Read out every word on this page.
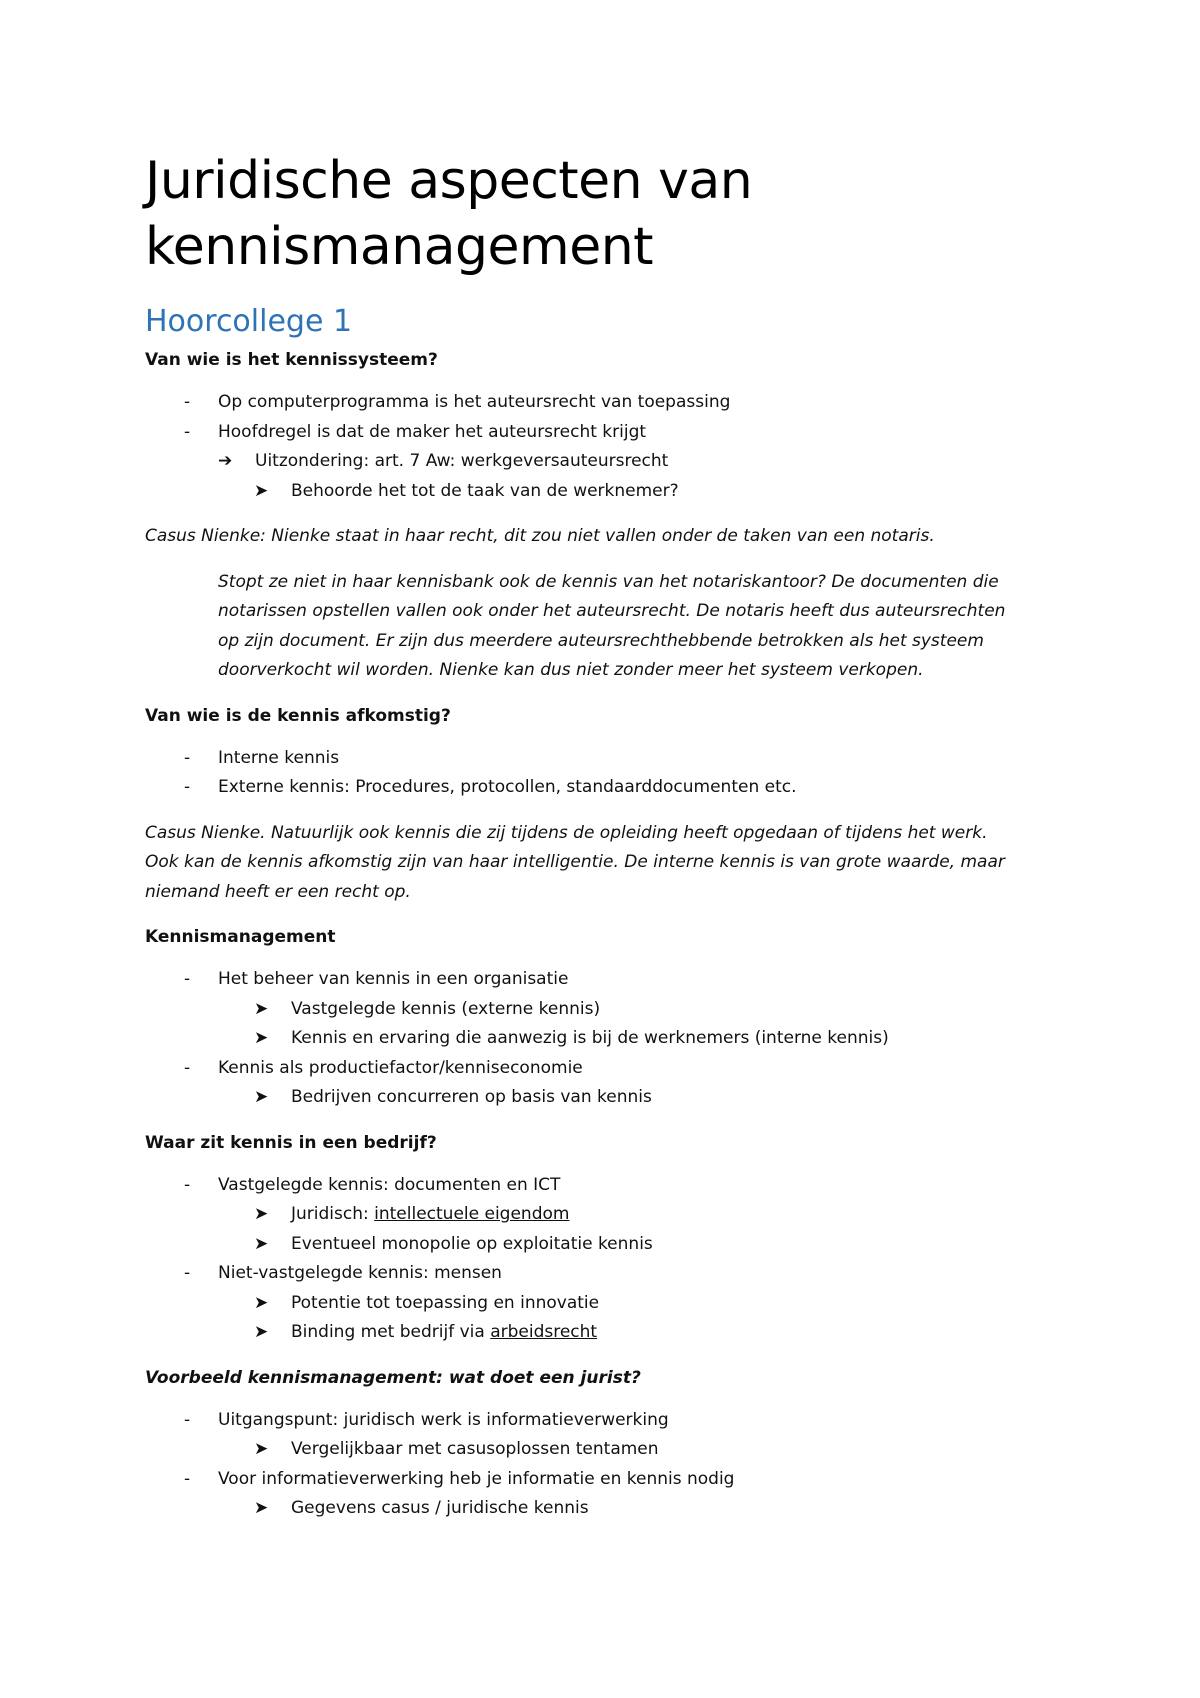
Juridische aspecten van
kennismanagement
Hoorcollege 1

Van wie is het kennissysteem?

- Op computerprogramma is het auteursrecht van toepassing
- Hoofdregel is dat de maker het auteursrecht krijgt
➔ Uitzondering: art. 7 Aw: werkgeversauteursrecht
➤ Behoorde het tot de taak van de werknemer?

Casus Nienke: Nienke staat in haar recht, dit zou niet vallen onder de taken van een notaris.

Stopt ze niet in haar kennisbank ook de kennis van het notariskantoor? De documenten die
notarissen opstellen vallen ook onder het auteursrecht. De notaris heeft dus auteursrechten
op zijn document. Er zijn dus meerdere auteursrechthebbende betrokken als het systeem
doorverkocht wil worden. Nienke kan dus niet zonder meer het systeem verkopen.

Van wie is de kennis afkomstig?

- Interne kennis
- Externe kennis: Procedures, protocollen, standaarddocumenten etc.

Casus Nienke. Natuurlijk ook kennis die zij tijdens de opleiding heeft opgedaan of tijdens het werk.
Ook kan de kennis afkomstig zijn van haar intelligentie. De interne kennis is van grote waarde, maar
niemand heeft er een recht op.

Kennismanagement

- Het beheer van kennis in een organisatie
➤ Vastgelegde kennis (externe kennis)
➤ Kennis en ervaring die aanwezig is bij de werknemers (interne kennis)
- Kennis als productiefactor/kenniseconomie
➤ Bedrijven concurreren op basis van kennis

Waar zit kennis in een bedrijf?

- Vastgelegde kennis: documenten en ICT
➤ Juridisch: intellectuele eigendom
➤ Eventueel monopolie op exploitatie kennis
- Niet-vastgelegde kennis: mensen
➤ Potentie tot toepassing en innovatie
➤ Binding met bedrijf via arbeidsrecht

Voorbeeld kennismanagement: wat doet een jurist?

- Uitgangspunt: juridisch werk is informatieverwerking
➤ Vergelijkbaar met casusoplossen tentamen
- Voor informatieverwerking heb je informatie en kennis nodig
➤ Gegevens casus / juridische kennis
